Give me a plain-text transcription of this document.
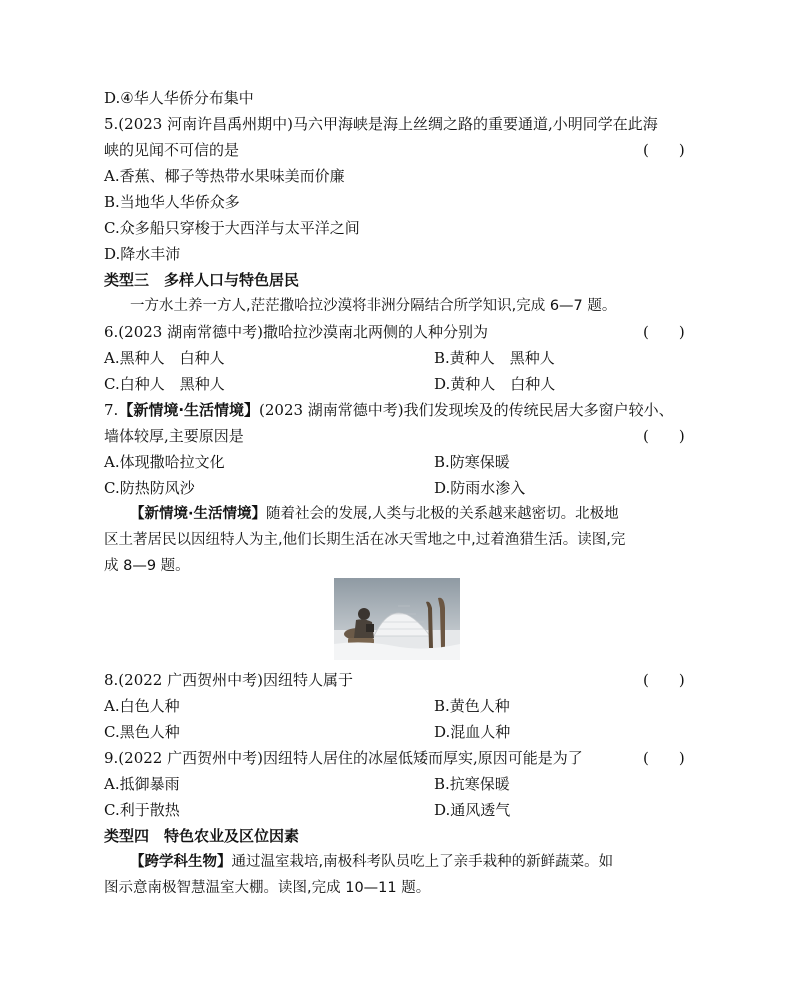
D.④华人华侨分布集中
5.(2023 河南许昌禹州期中)马六甲海峡是海上丝绸之路的重要通道,小明同学在此海
峡的见闻不可信的是	(　　)
A.香蕉、椰子等热带水果味美而价廉
B.当地华人华侨众多
C.众多船只穿梭于大西洋与太平洋之间
D.降水丰沛
类型三　多样人口与特色居民
一方水土养一方人,茫茫撒哈拉沙漠将非洲分隔结合所学知识,完成 6—7 题。
6.(2023 湖南常德中考)撒哈拉沙漠南北两侧的人种分别为	(　　)
A.黑种人　白种人	B.黄种人　黑种人
C.白种人　黑种人	D.黄种人　白种人
7.【新情境·生活情境】(2023 湖南常德中考)我们发现埃及的传统民居大多窗户较小、
墙体较厚,主要原因是	(　　)
A.体现撒哈拉文化	B.防寒保暖
C.防热防风沙	D.防雨水渗入
【新情境·生活情境】随着社会的发展,人类与北极的关系越来越密切。北极地
区土著居民以因纽特人为主,他们长期生活在冰天雪地之中,过着渔猎生活。读图,完
成 8—9 题。
8.(2022 广西贺州中考)因纽特人属于	(　　)
A.白色人种	B.黄色人种
C.黑色人种	D.混血人种
9.(2022 广西贺州中考)因纽特人居住的冰屋低矮而厚实,原因可能是为了	(　　)
A.抵御暴雨	B.抗寒保暖
C.利于散热	D.通风透气
类型四　特色农业及区位因素
【跨学科生物】通过温室栽培,南极科考队员吃上了亲手栽种的新鲜蔬菜。如
图示意南极智慧温室大棚。读图,完成 10—11 题。
